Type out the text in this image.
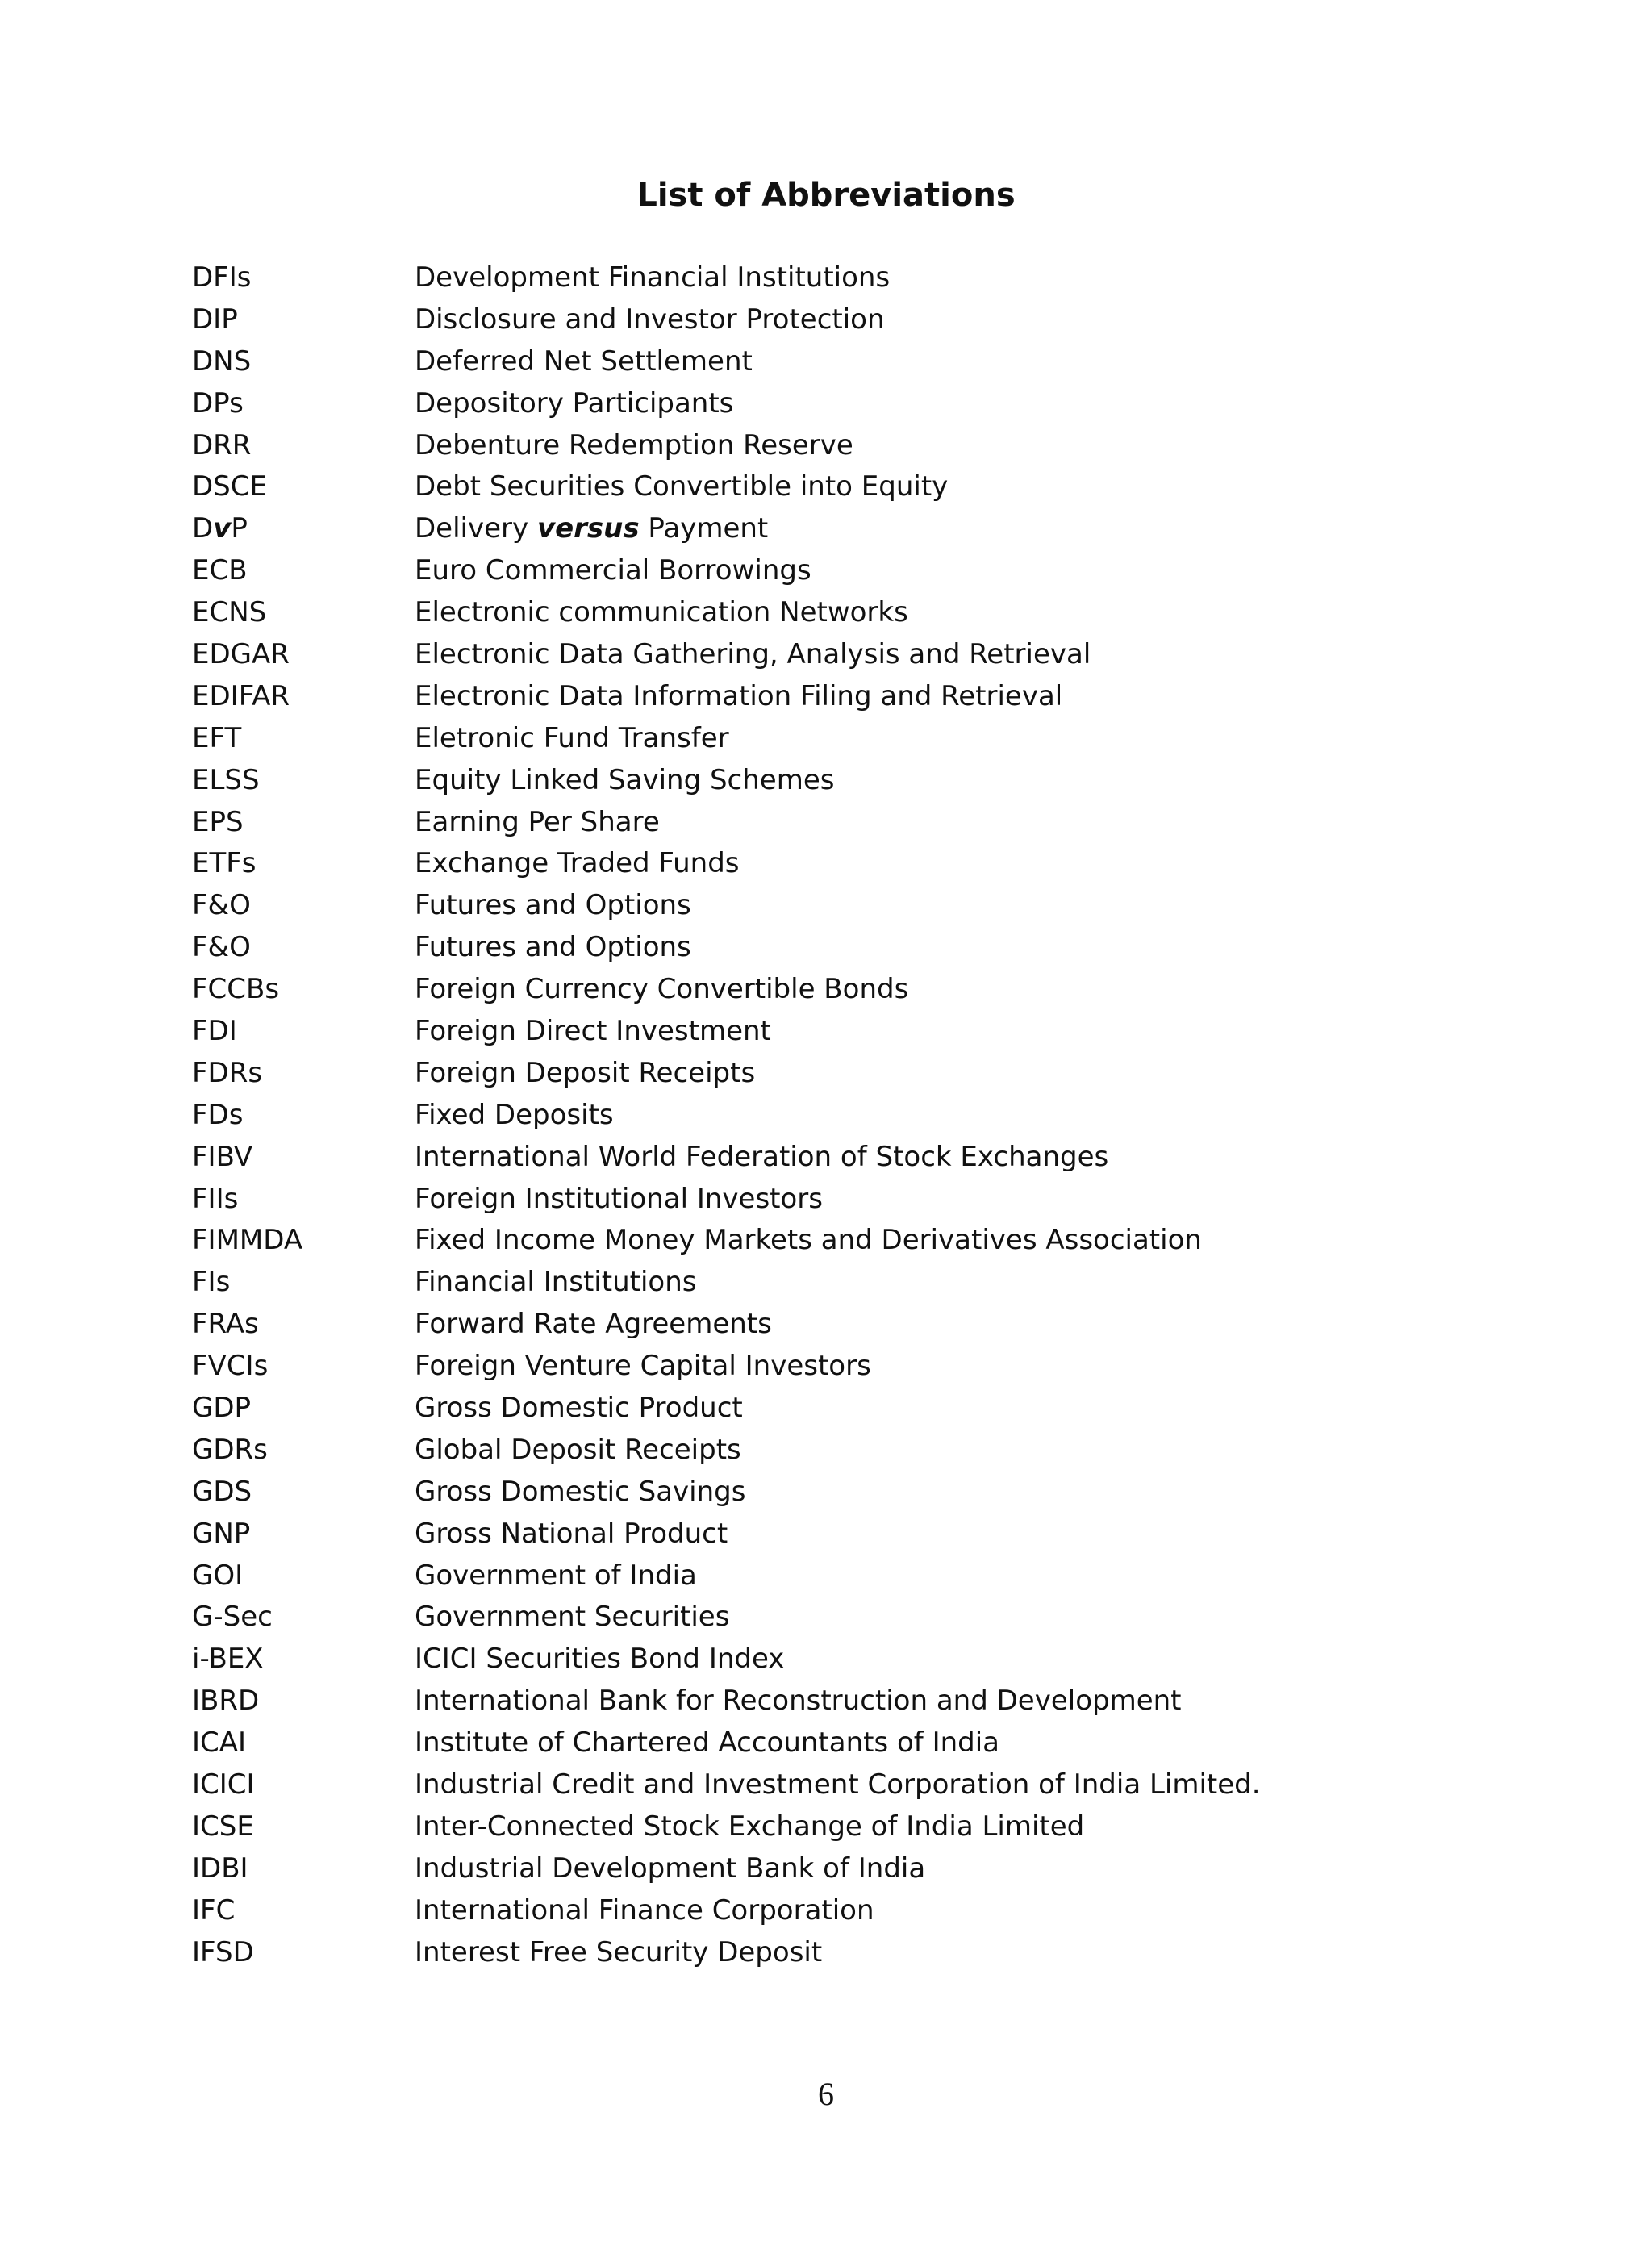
List of Abbreviations
DFIs	Development Financial Institutions
DIP	Disclosure and Investor Protection
DNS	Deferred Net Settlement
DPs	Depository Participants
DRR	Debenture Redemption Reserve
DSCE	Debt Securities Convertible into Equity
DvP	Delivery versus Payment
ECB	Euro Commercial Borrowings
ECNS	Electronic communication Networks
EDGAR	Electronic Data Gathering, Analysis and Retrieval
EDIFAR	Electronic Data Information Filing and Retrieval
EFT	Eletronic Fund Transfer
ELSS	Equity Linked Saving Schemes
EPS	Earning Per Share
ETFs	Exchange Traded Funds
F&O	Futures and Options
F&O	Futures and Options
FCCBs	Foreign Currency Convertible Bonds
FDI	Foreign Direct Investment
FDRs	Foreign Deposit Receipts
FDs	Fixed Deposits
FIBV	International World Federation of Stock Exchanges
FIIs	Foreign Institutional Investors
FIMMDA	Fixed Income Money Markets and Derivatives Association
FIs	Financial Institutions
FRAs	Forward Rate Agreements
FVCIs	Foreign Venture Capital Investors
GDP	Gross Domestic Product
GDRs	Global Deposit Receipts
GDS	Gross Domestic Savings
GNP	Gross National Product
GOI	Government of India
G-Sec	Government Securities
i-BEX	ICICI Securities Bond Index
IBRD	International Bank for Reconstruction and Development
ICAI	Institute of Chartered Accountants of India
ICICI	Industrial Credit and Investment Corporation of India Limited.
ICSE	Inter-Connected Stock Exchange of India Limited
IDBI	Industrial Development Bank of India
IFC	International Finance Corporation
IFSD	Interest Free Security Deposit
6
